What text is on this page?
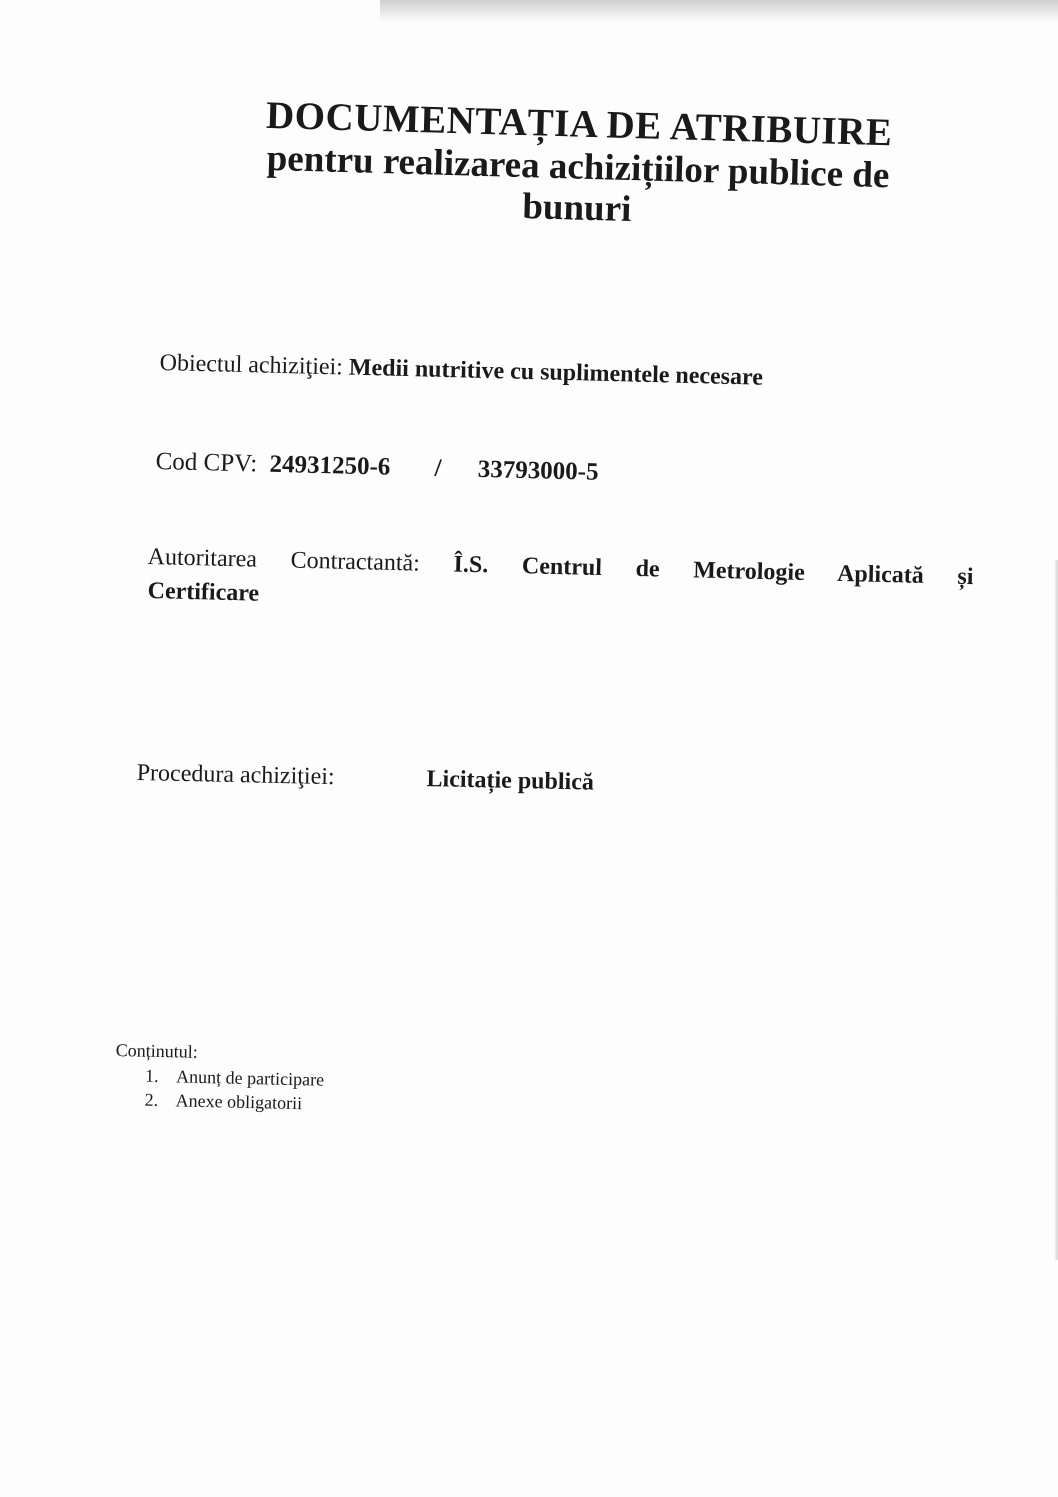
DOCUMENTAȚIA DE ATRIBUIRE

pentru realizarea achizițiilor publice de

bunuri

Obiectul achiziţiei: Medii nutritive cu suplimentele necesare
Cod CPV: 24931250-6 / 33793000-5
Autoritarea Contractantă: Î.S. Centrul de Metrologie Aplicată și
Certificare
Procedura achiziţiei:	Licitație publică

Conținutul:

1. Anunț de participare
2. Anexe obligatorii
